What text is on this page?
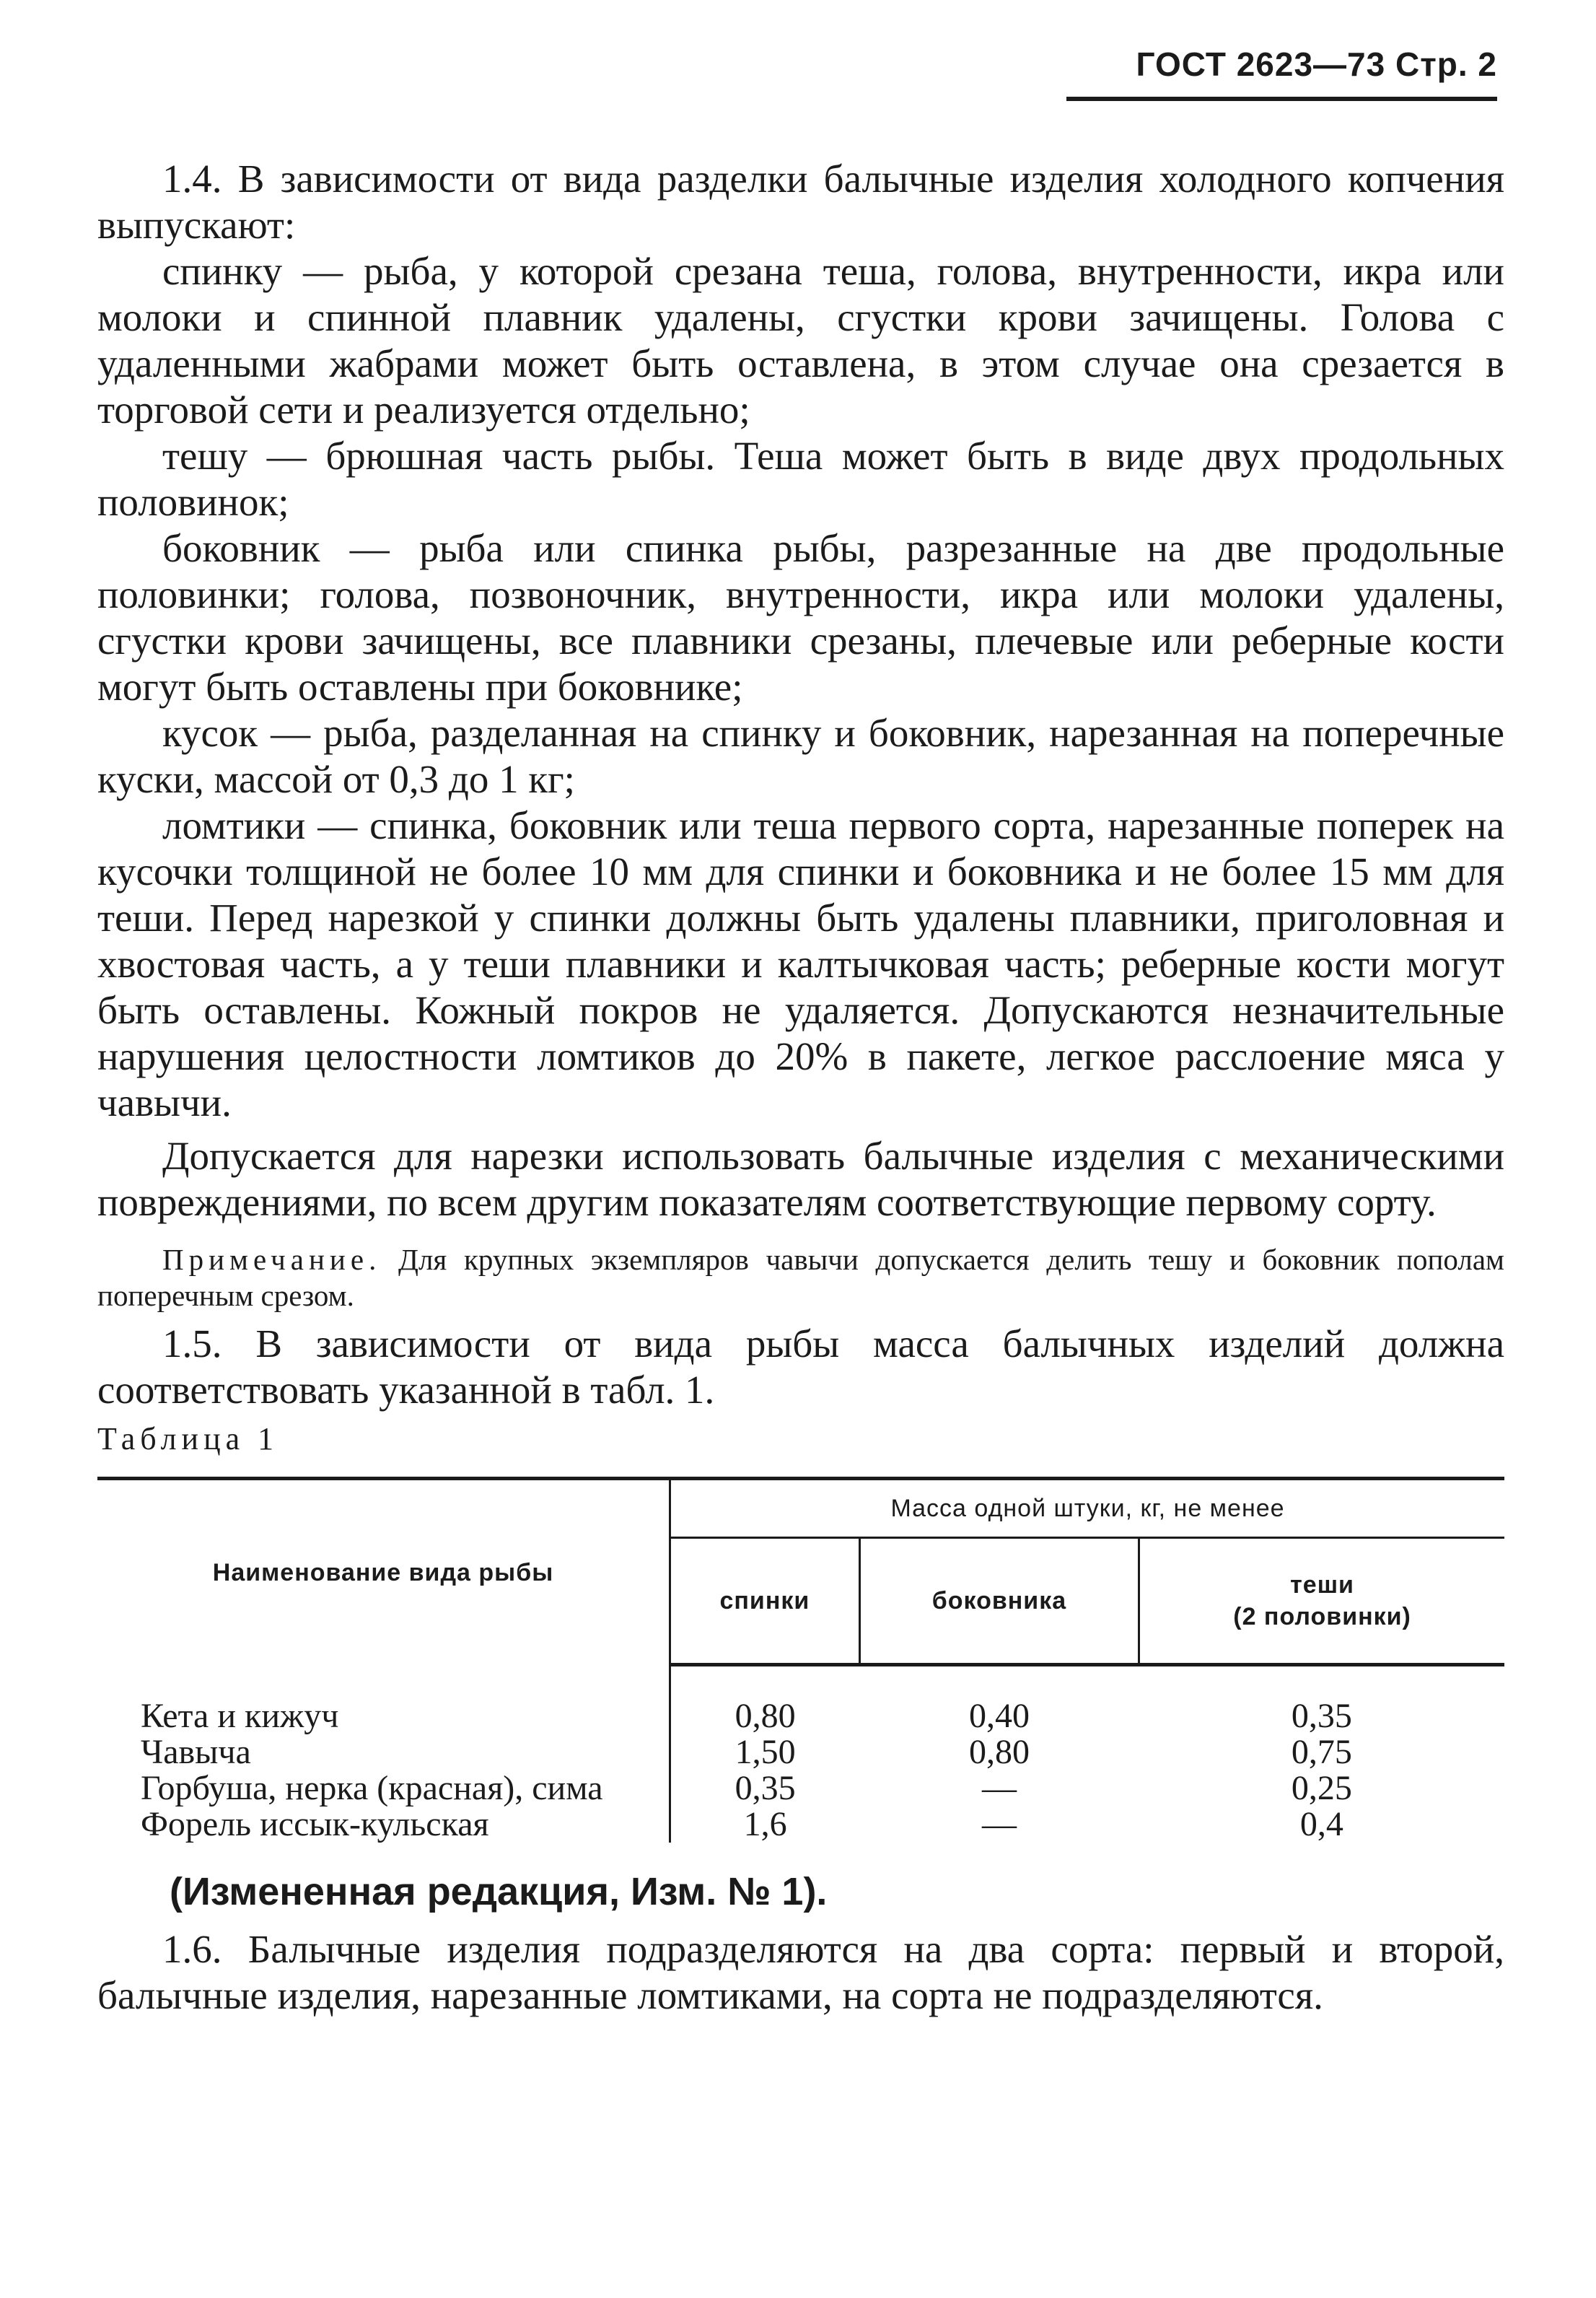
ГОСТ 2623—73 Стр. 2

1.4. В зависимости от вида разделки балычные изделия холодного копчения выпускают:

спинку — рыба, у которой срезана теша, голова, внутренности, икра или молоки и спинной плавник удалены, сгустки крови зачищены. Голова с удаленными жабрами может быть оставлена, в этом случае она срезается в торговой сети и реализуется отдельно;

тешу — брюшная часть рыбы. Теша может быть в виде двух продольных половинок;

боковник — рыба или спинка рыбы, разрезанные на две продольные половинки; голова, позвоночник, внутренности, икра или молоки удалены, сгустки крови зачищены, все плавники срезаны, плечевые или реберные кости могут быть оставлены при боковнике;

кусок — рыба, разделанная на спинку и боковник, нарезанная на поперечные куски, массой от 0,3 до 1 кг;

ломтики — спинка, боковник или теша первого сорта, нарезанные поперек на кусочки толщиной не более 10 мм для спинки и боковника и не более 15 мм для теши. Перед нарезкой у спинки должны быть удалены плавники, приголовная и хвостовая часть, а у теши плавники и калтычковая часть; реберные кости могут быть оставлены. Кожный покров не удаляется. Допускаются незначительные нарушения целостности ломтиков до 20% в пакете, легкое расслоение мяса у чавычи.

Допускается для нарезки использовать балычные изделия с механическими повреждениями, по всем другим показателям соответствующие первому сорту.

Примечание. Для крупных экземпляров чавычи допускается делить тешу и боковник пополам поперечным срезом.

1.5. В зависимости от вида рыбы масса балычных изделий должна соответствовать указанной в табл. 1.

Таблица 1

Наименование вида рыбы	Масса одной штуки, кг, не менее		
	спинки	боковника	теши
(2 половинки)
Кета и кижуч	0,80	0,40	0,35
Чавыча	1,50	0,80	0,75
Горбуша, нерка (красная), сима	0,35	—	0,25
Форель иссык-кульская	1,6	—	0,4

(Измененная редакция, Изм. № 1).

1.6. Балычные изделия подразделяются на два сорта: первый и второй, балычные изделия, нарезанные ломтиками, на сорта не подразделяются.
